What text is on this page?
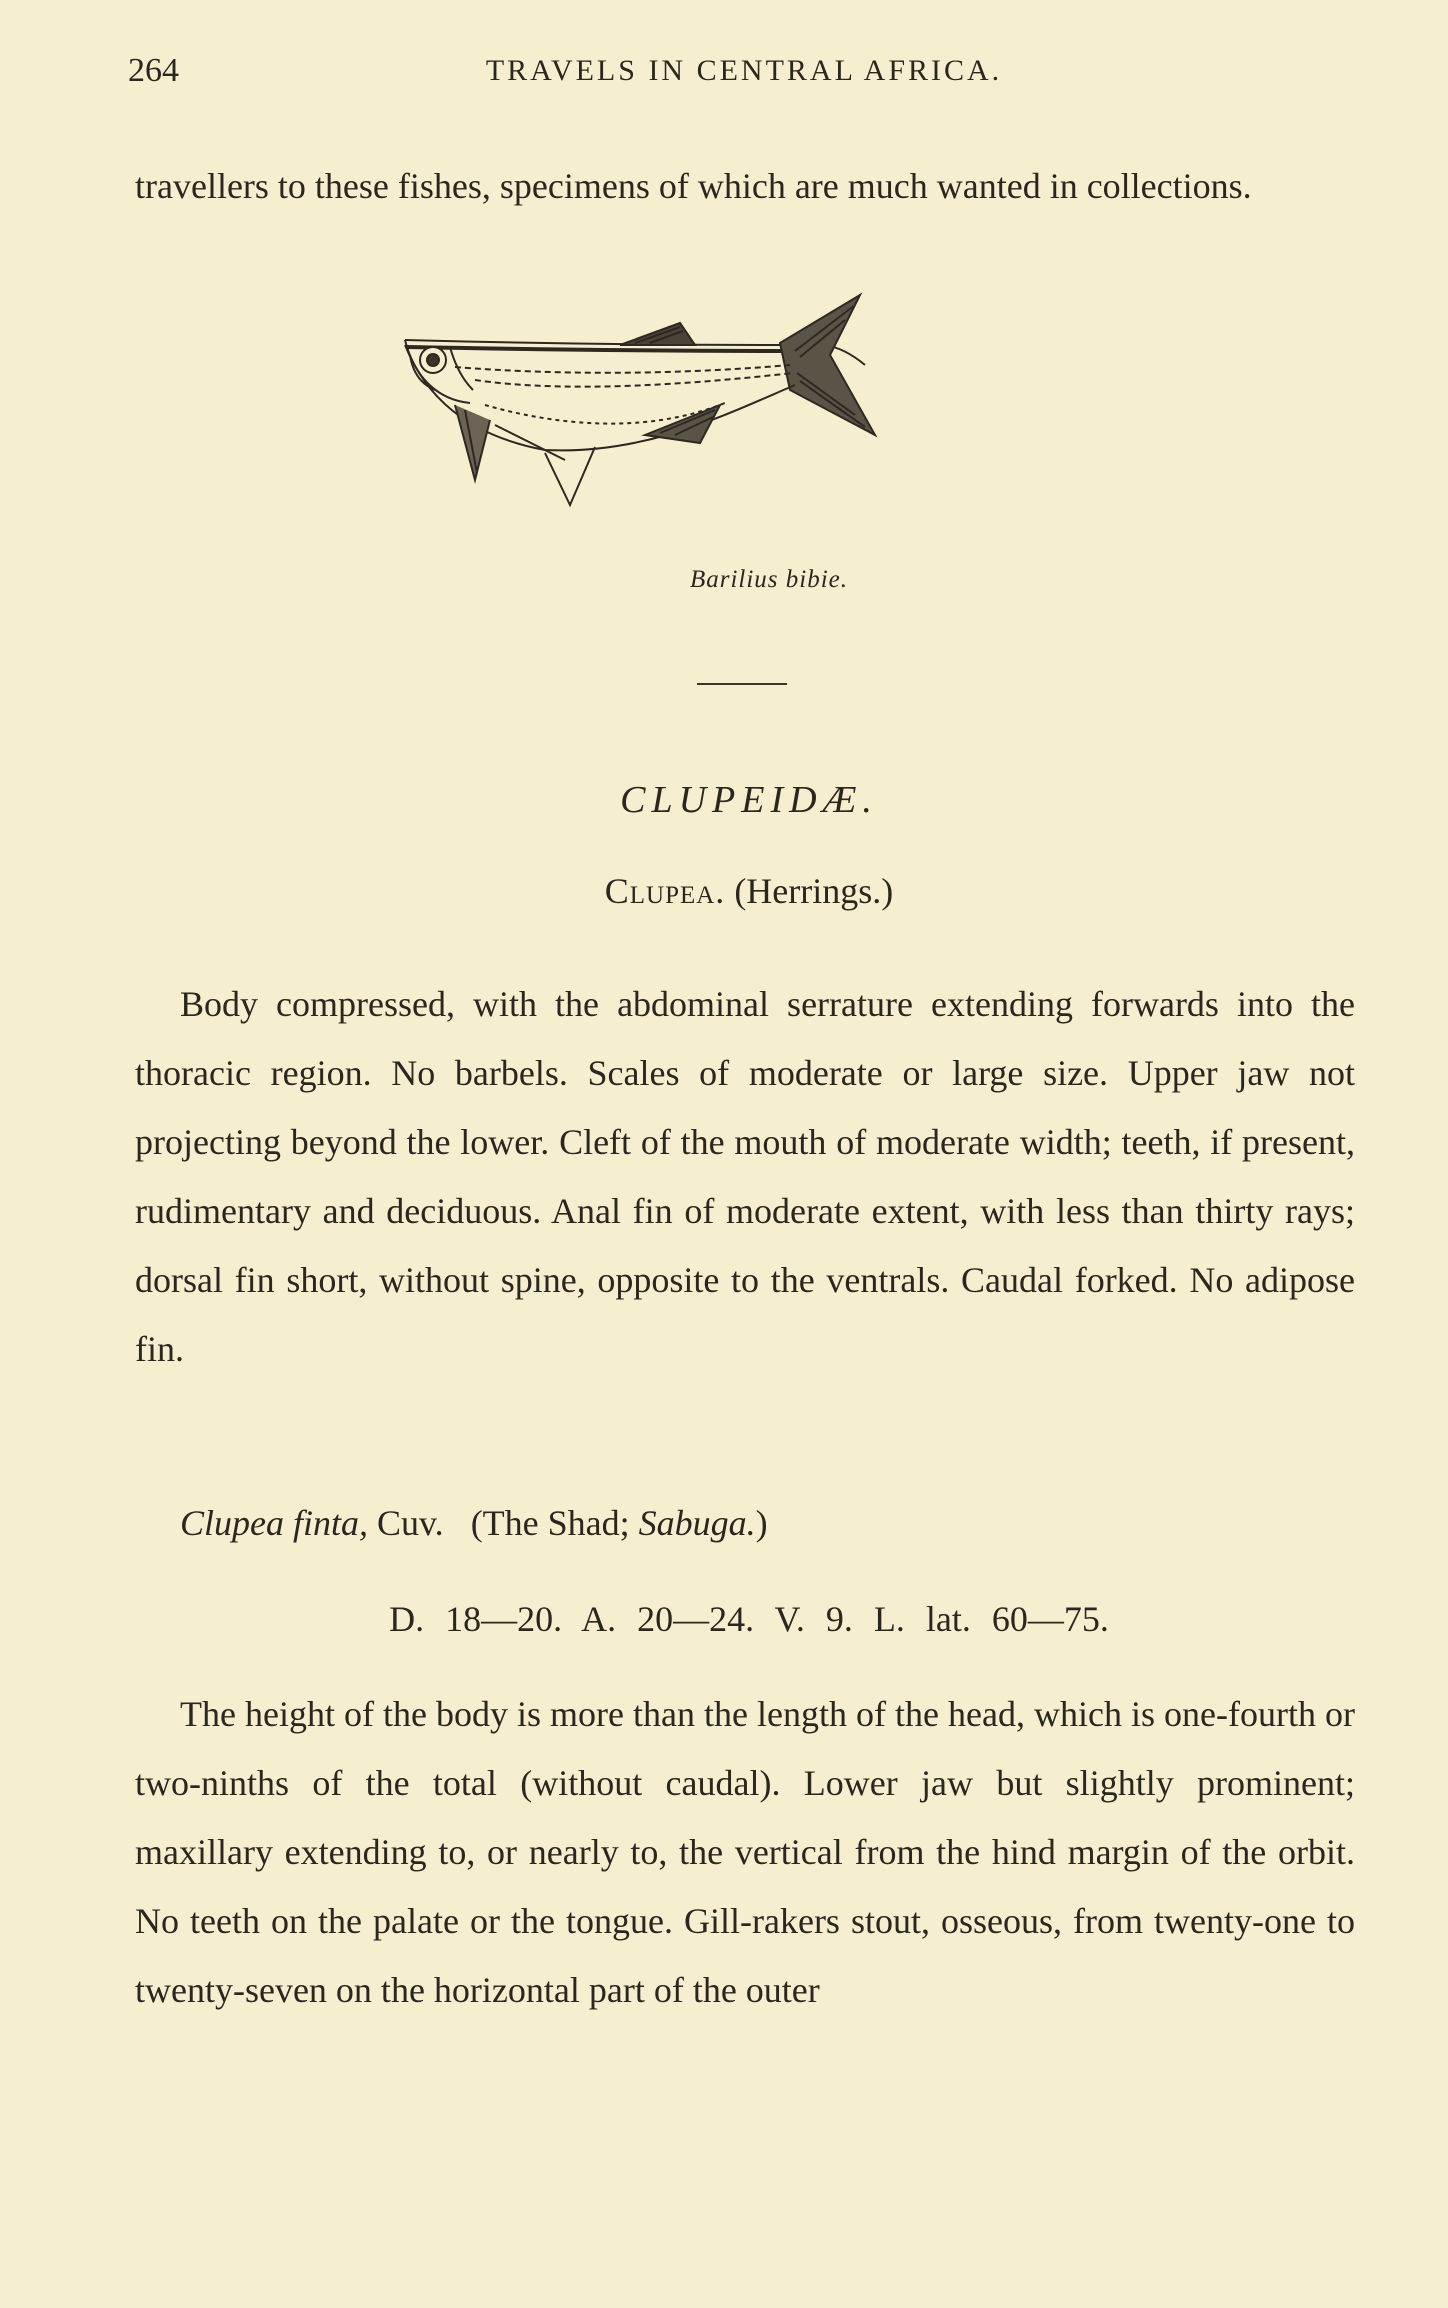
264	TRAVELS IN CENTRAL AFRICA.

travellers to these fishes, specimens of which are much wanted in collections.

Barilius bibie.
CLUPEIDÆ.
Clupea. (Herrings.)

Body compressed, with the abdominal serrature extending forwards into the thoracic region. No barbels. Scales of moderate or large size. Upper jaw not projecting beyond the lower. Cleft of the mouth of moderate width; teeth, if present, rudimentary and deciduous. Anal fin of moderate extent, with less than thirty rays; dorsal fin short, without spine, opposite to the ventrals. Caudal forked. No adipose fin.

Clupea finta, Cuv. (The Shad; Sabuga.)
D. 18—20. A. 20—24. V. 9. L. lat. 60—75.

The height of the body is more than the length of the head, which is one-fourth or two-ninths of the total (without caudal). Lower jaw but slightly prominent; maxillary extending to, or nearly to, the vertical from the hind margin of the orbit. No teeth on the palate or the tongue. Gill-rakers stout, osseous, from twenty-one to twenty-seven on the horizontal part of the outer
